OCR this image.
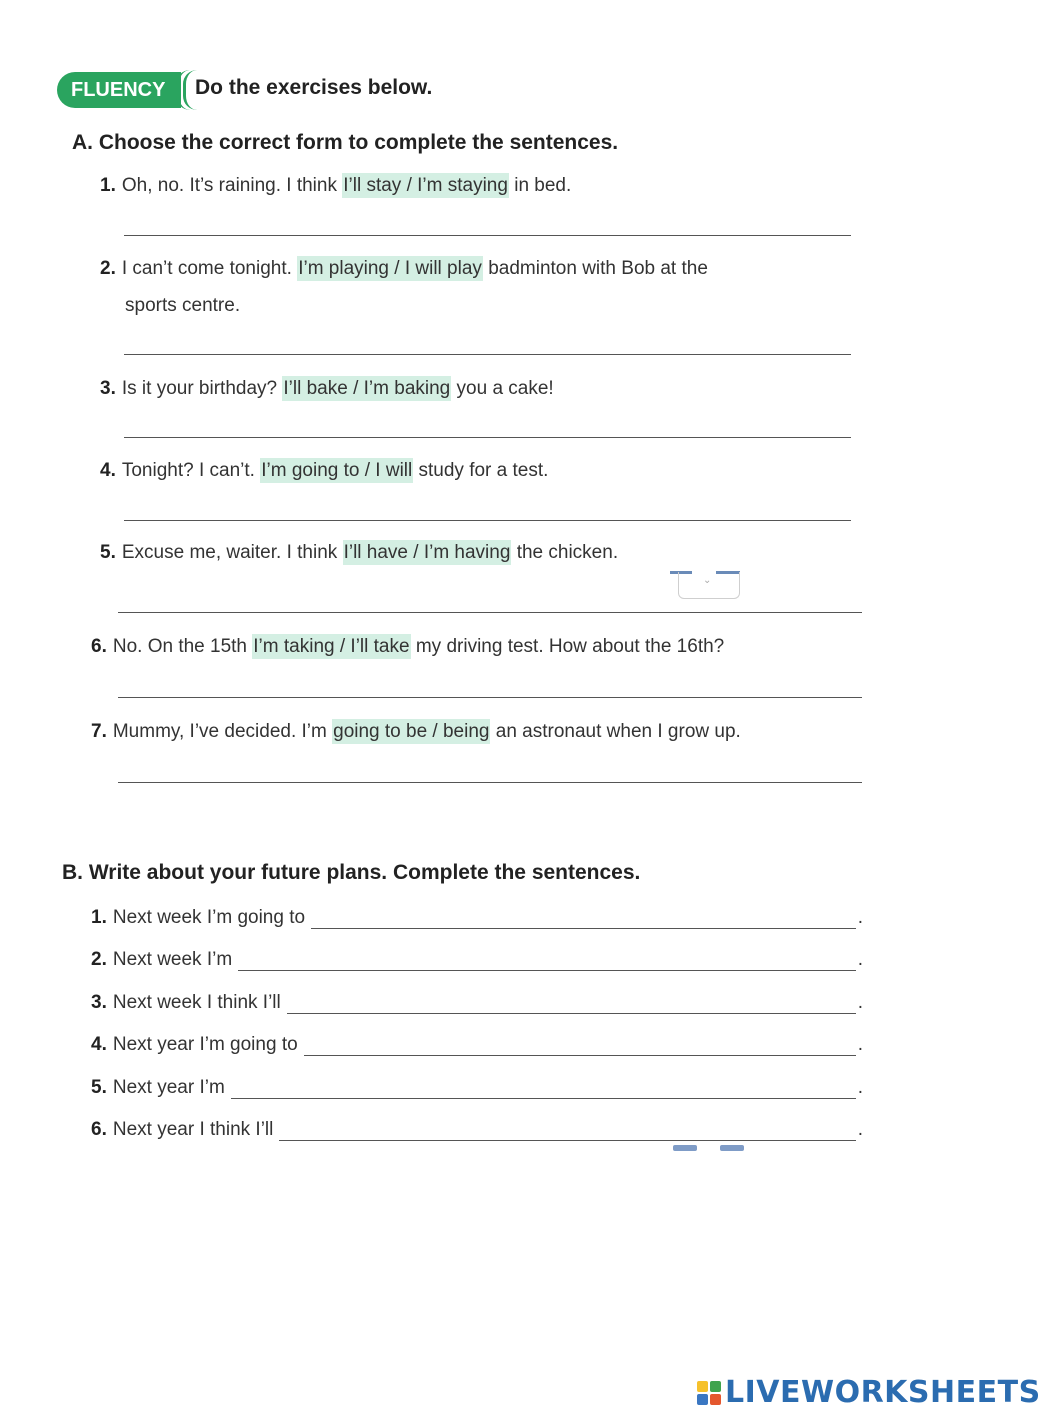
FLUENCY Do the exercises below.
A. Choose the correct form to complete the sentences.
1. Oh, no. It’s raining. I think I’ll stay / I’m staying in bed.
2. I can’t come tonight. I’m playing / I will play badminton with Bob at the
sports centre.
3. Is it your birthday? I’ll bake / I’m baking you a cake!
4. Tonight? I can’t. I’m going to / I will study for a test.
5. Excuse me, waiter. I think I’ll have / I’m having the chicken.
⌄
6. No. On the 15th I’m taking / I’ll take my driving test. How about the 16th?
7. Mummy, I’ve decided. I’m going to be / being an astronaut when I grow up.
B. Write about your future plans. Complete the sentences.
1. Next week I’m going to	.
2. Next week I’m	.
3. Next week I think I’ll	.
4. Next year I’m going to	.
5. Next year I’m	.
6. Next year I think I’ll	.
LIVEWORKSHEETS
